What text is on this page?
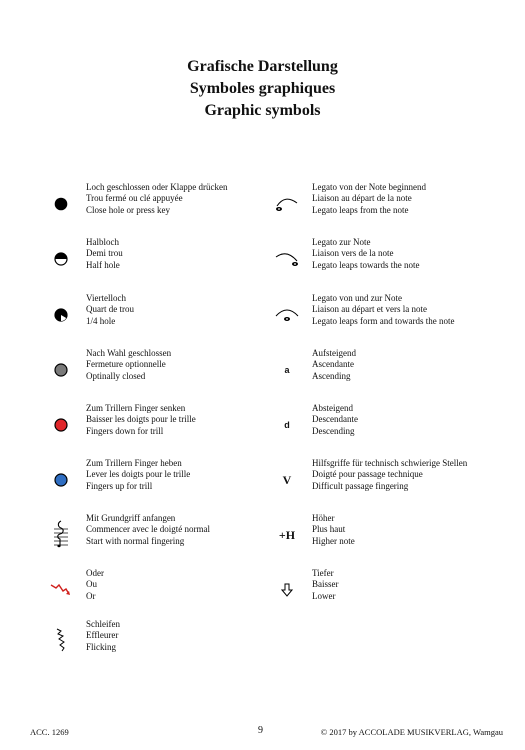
Grafische Darstellung
Symboles graphiques
Graphic symbols
Loch geschlossen oder Klappe drücken
Trou fermé ou clé appuyée
Close hole or press key
Halbloch
Demi trou
Half hole
Viertelloch
Quart de trou
1/4 hole
Nach Wahl geschlossen
Fermeture optionnelle
Optinally closed
Zum Trillern Finger senken
Baisser les doigts pour le trille
Fingers down for trill
Zum Trillern Finger heben
Lever les doigts pour le trille
Fingers up for trill
Mit Grundgriff anfangen
Commencer avec le doigté normal
Start with normal fingering
Oder
Ou
Or
Schleifen
Effleurer
Flicking
Legato von der Note beginnend
Liaison au départ de la note
Legato leaps from the note
Legato zur Note
Liaison vers de la note
Legato leaps towards the note
Legato von und zur Note
Liaison au départ et vers la note
Legato leaps form and towards the note
a
Aufsteigend
Ascendante
Ascending
d
Absteigend
Descendante
Descending
V
Hilfsgriffe für technisch schwierige Stellen
Doigté pour passage technique
Difficult passage fingering
+H
Höher
Plus haut
Higher note
Tiefer
Baisser
Lower
ACC. 1269	9	© 2017 by ACCOLADE MUSIKVERLAG, Wamgau
